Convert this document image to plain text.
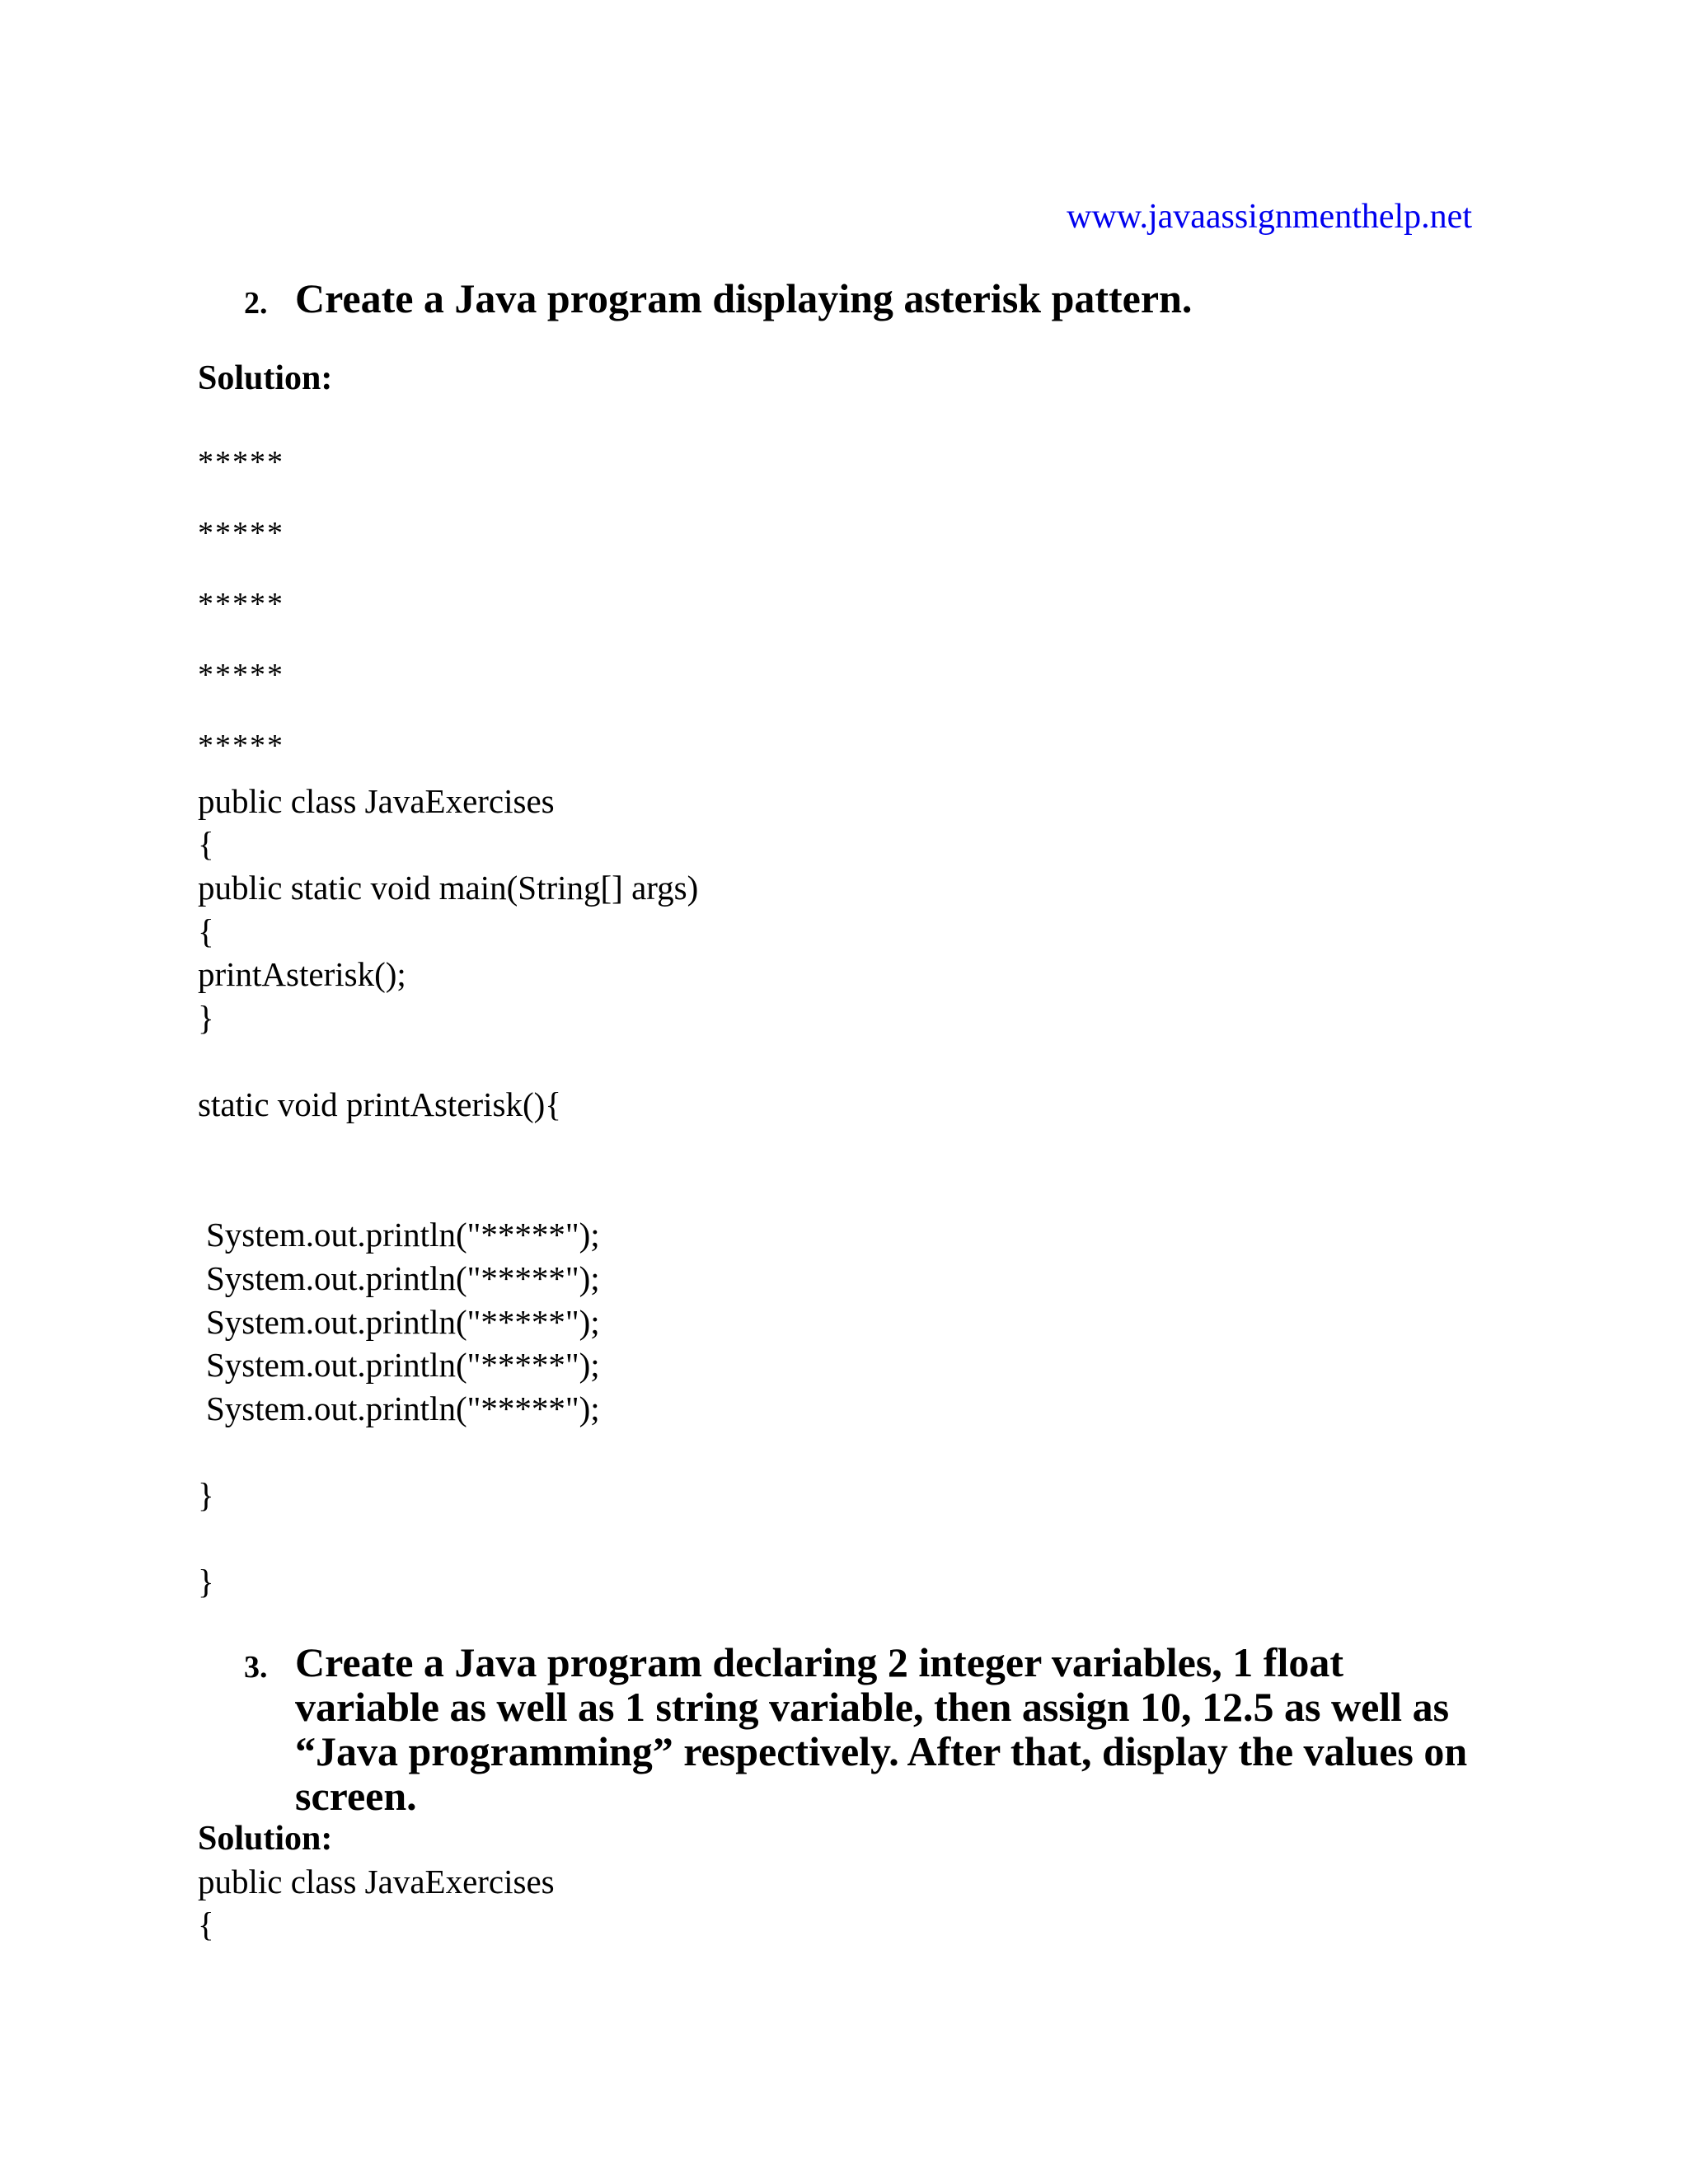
www.javaassignmenthelp.net
2. Create a Java program displaying asterisk pattern.
Solution:
*****
*****
*****
*****
*****
public class JavaExercises
{
public static void main(String[] args)
{
printAsterisk();
}
static void printAsterisk(){
System.out.println("*****");
System.out.println("*****");
System.out.println("*****");
System.out.println("*****");
System.out.println("*****");
}
}
3. Create a Java program declaring 2 integer variables, 1 float variable as well as 1 string variable, then assign 10, 12.5 as well as “Java programming” respectively. After that, display the values on screen.
Solution:
public class JavaExercises
{
